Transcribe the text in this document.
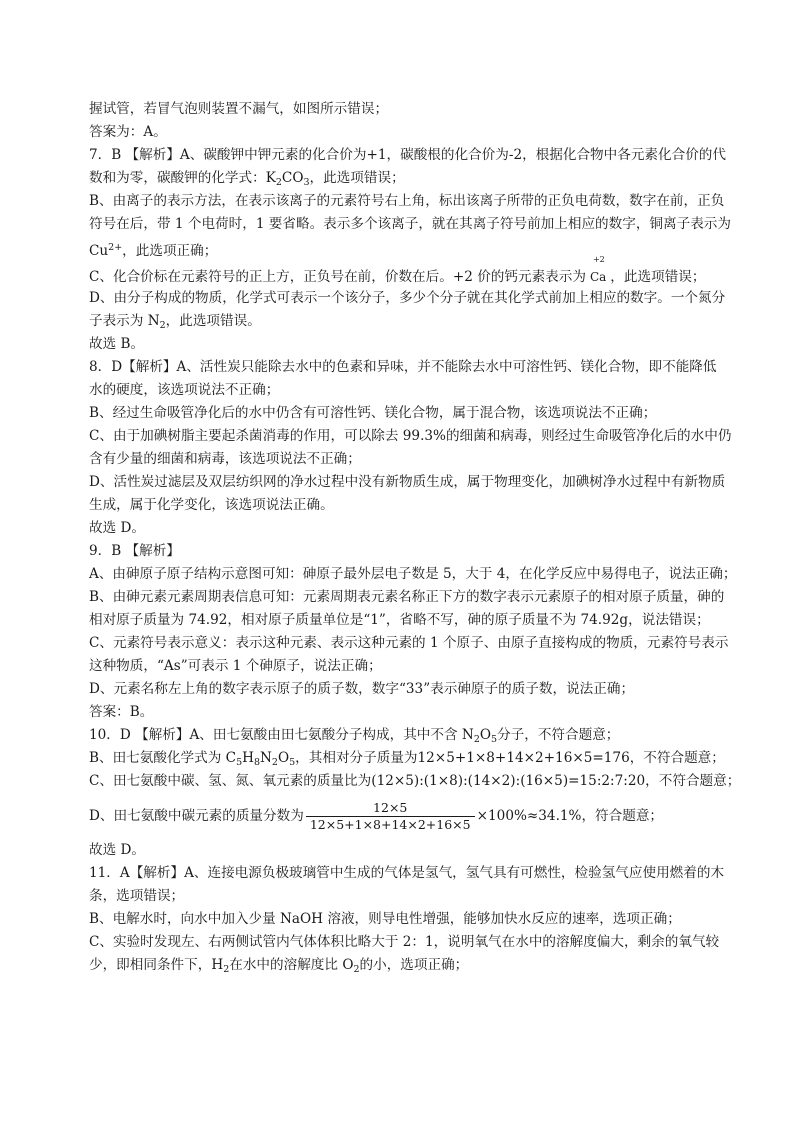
握试管，若冒气泡则装置不漏气，如图所示错误；
答案为：A。
7．B 【解析】A、碳酸钾中钾元素的化合价为+1，碳酸根的化合价为-2，根据化合物中各元素化合价的代
数和为零，碳酸钾的化学式：$K_2CO_3$，此选项错误；
B、由离子的表示方法，在表示该离子的元素符号右上角，标出该离子所带的正负电荷数，数字在前，正负
符号在后，带 1 个电荷时，1 要省略。表示多个该离子，就在其离子符号前加上相应的数字，铜离子表示为
$Cu^{2+}$，此选项正确；
C、化合价标在元素符号的正上方，正负号在前，价数在后。+2 价的钙元素表示为
+2
Ca ，此选项错误；
D、由分子构成的物质，化学式可表示一个该分子，多少个分子就在其化学式前加上相应的数字。一个氮分
子表示为 $N_2$，此选项错误。
故选 B。
8．D【解析】A、活性炭只能除去水中的色素和异味，并不能除去水中可溶性钙、镁化合物，即不能降低
水的硬度，该选项说法不正确；
B、经过生命吸管净化后的水中仍含有可溶性钙、镁化合物，属于混合物，该选项说法不正确；
C、由于加碘树脂主要起杀菌消毒的作用，可以除去 99.3%的细菌和病毒，则经过生命吸管净化后的水中仍
含有少量的细菌和病毒，该选项说法不正确；
D、活性炭过滤层及双层纺织网的净水过程中没有新物质生成，属于物理变化，加碘树净水过程中有新物质
生成，属于化学变化，该选项说法正确。
故选 D。
9．B 【解析】
A、由砷原子原子结构示意图可知：砷原子最外层电子数是 5，大于 4，在化学反应中易得电子，说法正确；
B、由砷元素元素周期表信息可知：元素周期表元素名称正下方的数字表示元素原子的相对原子质量，砷的
相对原子质量为 74.92，相对原子质量单位是“1”，省略不写，砷的原子质量不为 74.92g，说法错误；
C、元素符号表示意义：表示这种元素、表示这种元素的 1 个原子、由原子直接构成的物质，元素符号表示
这种物质，“As”可表示 1 个砷原子，说法正确；
D、元素名称左上角的数字表示原子的质子数，数字“33”表示砷原子的质子数，说法正确；
答案：B。
10．D 【解析】A、田七氨酸由田七氨酸分子构成，其中不含 $N_2O_5$分子，不符合题意；
B、田七氨酸化学式为 $C_5H_8N_2O_5$，其相对分子质量为12×5+1×8+14×2+16×5=176，不符合题意；
C、田七氨酸中碳、氢、氮、氧元素的质量比为(12×5):(1×8):(14×2):(16×5)=15:2:7:20，不符合题意；
D、田七氨酸中碳元素的质量分数为 $\frac{12\times 5}{12\times 5+1\times 8+14\times 2+16\times 5} \times 100\%\approx 34.1\%$，符合题意；
故选 D。
11．A【解析】A、连接电源负极玻璃管中生成的气体是氢气，氢气具有可燃性，检验氢气应使用燃着的木
条，选项错误；
B、电解水时，向水中加入少量 NaOH 溶液，则导电性增强，能够加快水反应的速率，选项正确；
C、实验时发现左、右两侧试管内气体体积比略大于 2：1，说明氧气在水中的溶解度偏大，剩余的氧气较
少，即相同条件下，$H_2$在水中的溶解度比 $O_2$的小，选项正确；
